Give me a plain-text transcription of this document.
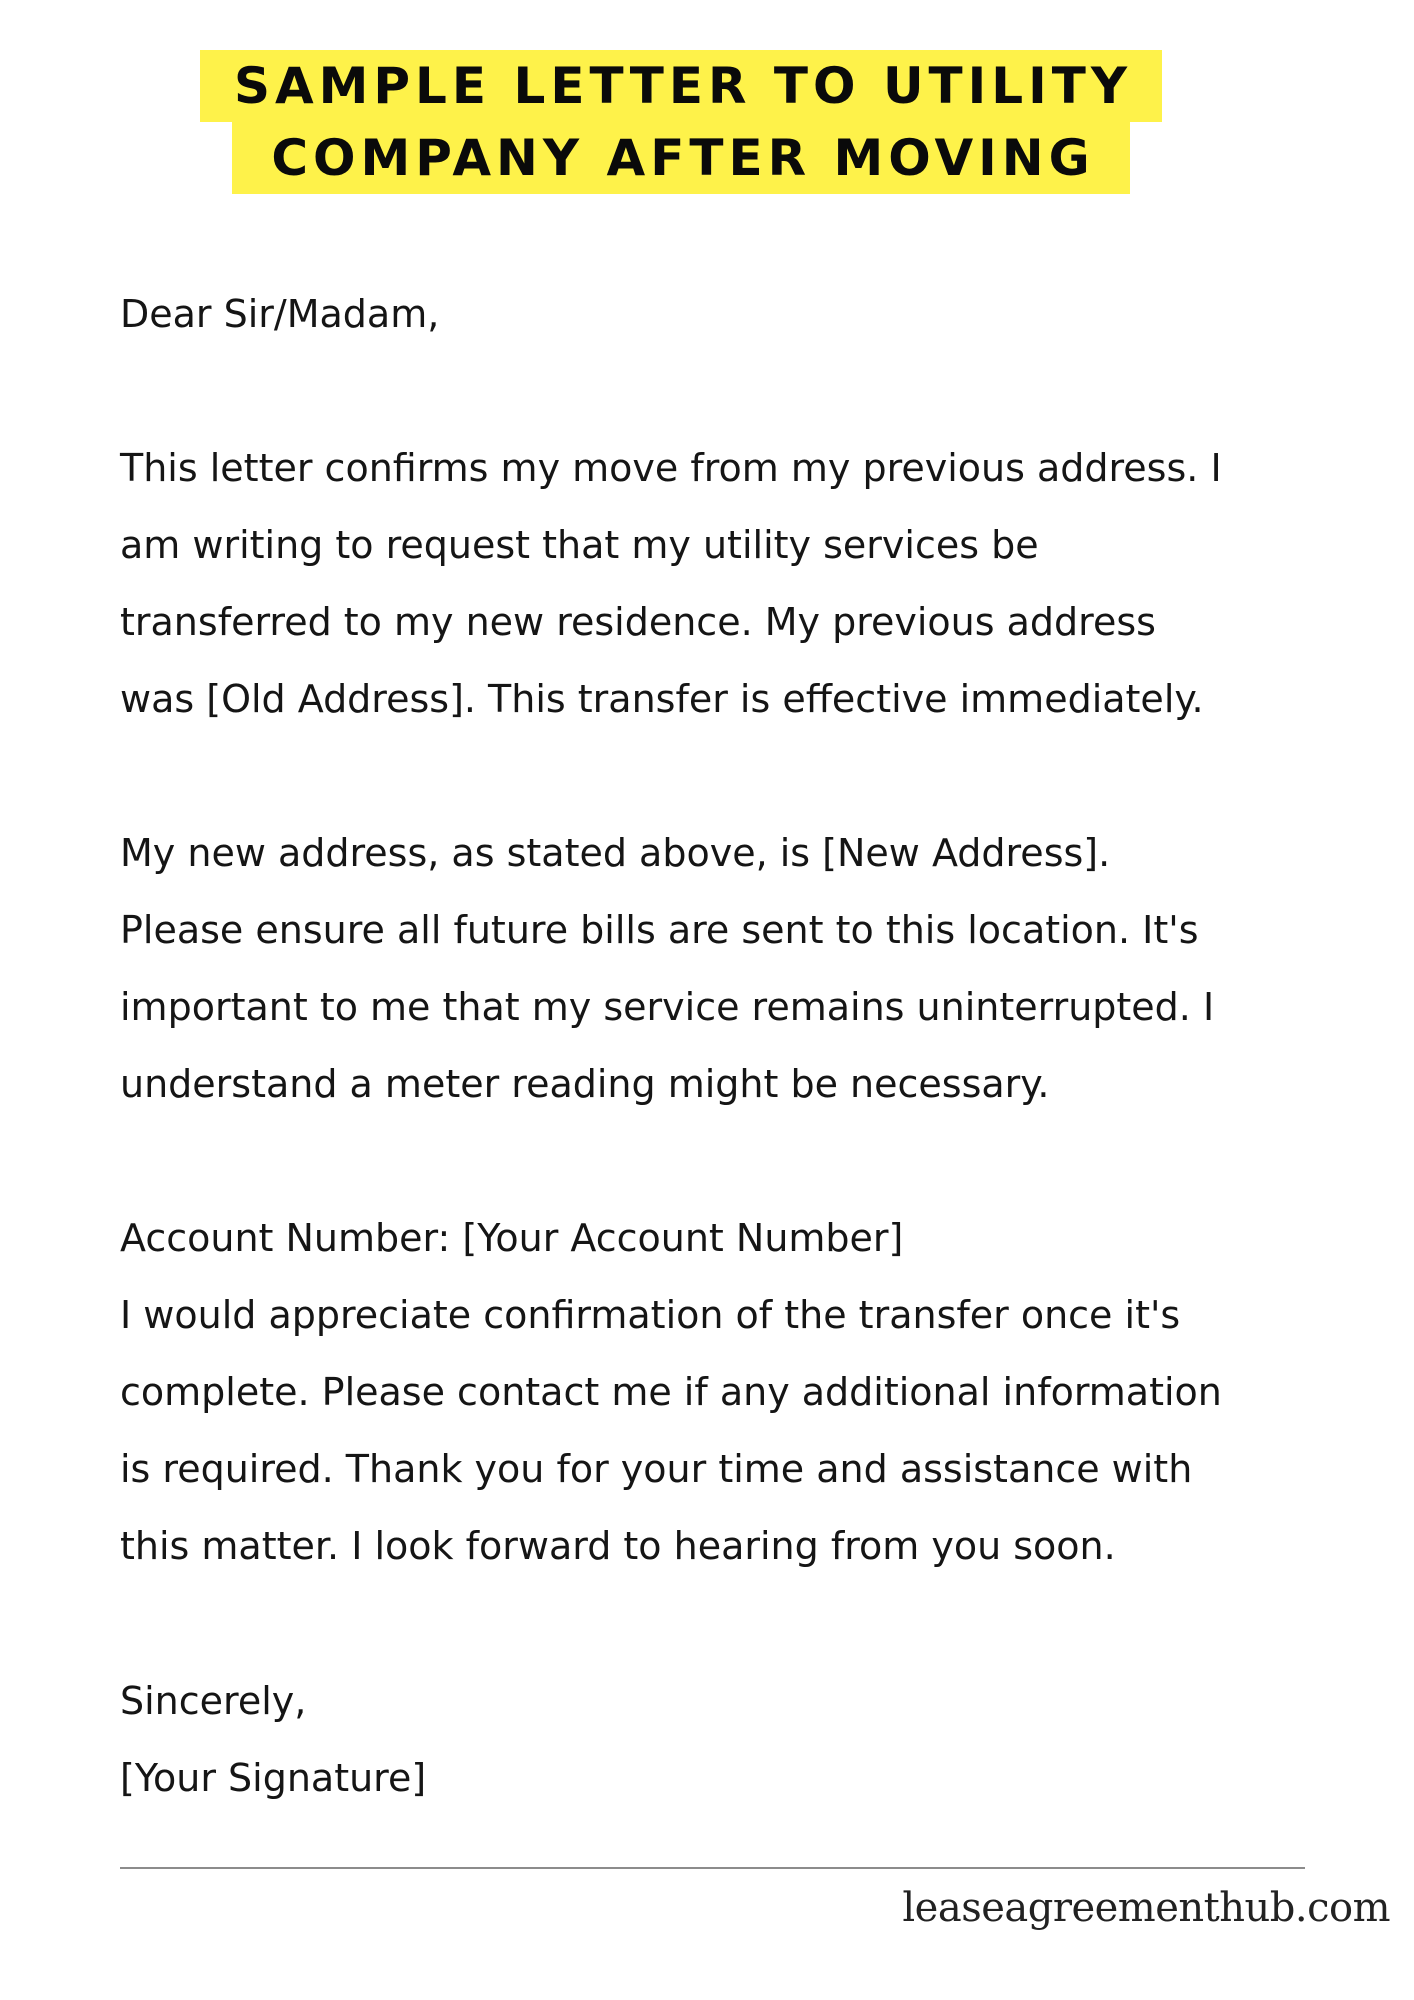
SAMPLE LETTER TO UTILITY
COMPANY AFTER MOVING

Dear Sir/Madam,

This letter confirms my move from my previous address. I

am writing to request that my utility services be

transferred to my new residence. My previous address

was [Old Address]. This transfer is effective immediately.

My new address, as stated above, is [New Address].

Please ensure all future bills are sent to this location. It's

important to me that my service remains uninterrupted. I

understand a meter reading might be necessary.

Account Number: [Your Account Number]

I would appreciate confirmation of the transfer once it's

complete. Please contact me if any additional information

is required. Thank you for your time and assistance with

this matter. I look forward to hearing from you soon.

Sincerely,

[Your Signature]

leaseagreementhub.com
